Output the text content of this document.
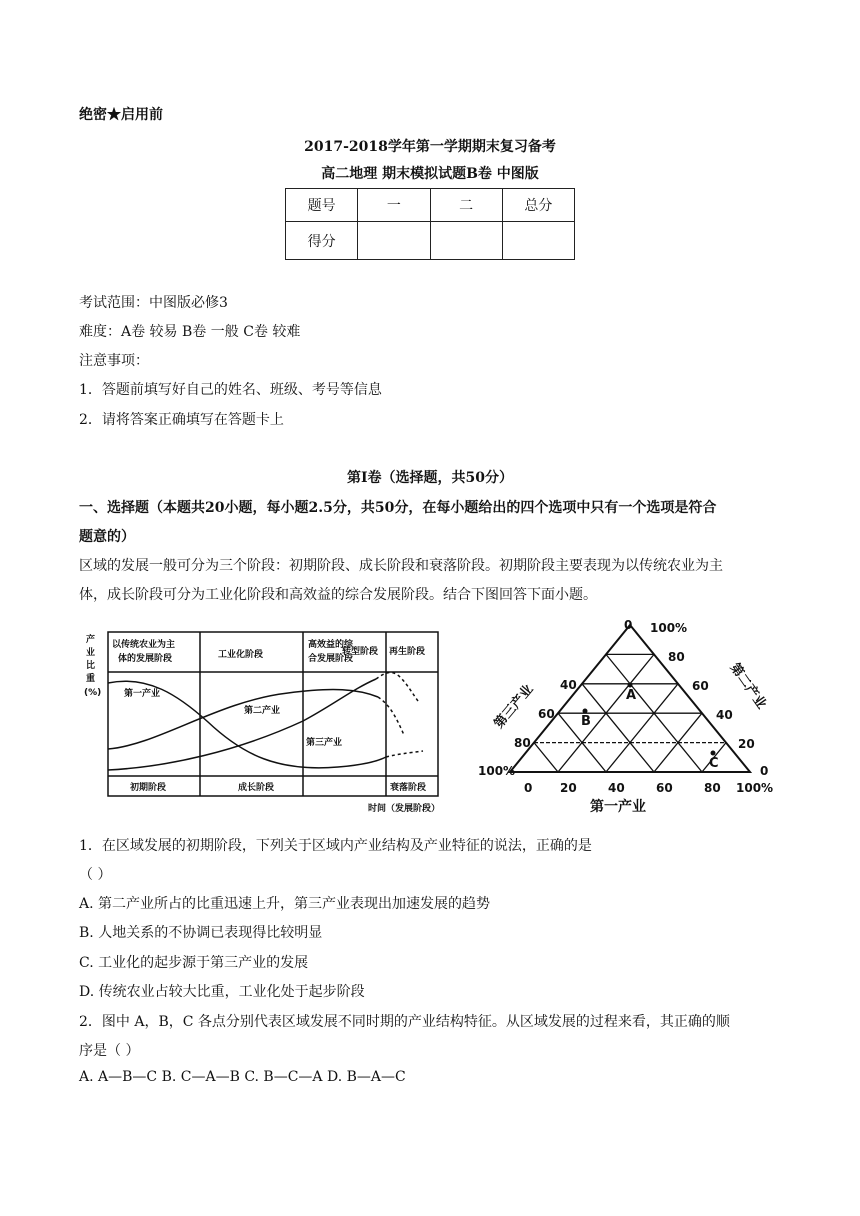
绝密★启用前
2017-2018学年第一学期期末复习备考
高二地理 期末模拟试题B卷 中图版
题号	一	二	总分
得分			
考试范围：中图版必修3
难度：A卷 较易 B卷 一般 C卷 较难
注意事项：
1．答题前填写好自己的姓名、班级、考号等信息
2．请将答案正确填写在答题卡上
第Ⅰ卷（选择题，共50分）
一、选择题（本题共20小题，每小题2.5分，共50分，在每小题给出的四个选项中只有一个选项是符合
题意的）
区域的发展一般可分为三个阶段：初期阶段、成长阶段和衰落阶段。初期阶段主要表现为以传统农业为主
体，成长阶段可分为工业化阶段和高效益的综合发展阶段。结合下图回答下面小题。
产
业
比
重
(%)
以传统农业为主
体的发展阶段	工业化阶段
高效益的综
合发展阶段
转型阶段 再生阶段
第一产业
第二产业
第三产业
初期阶段	成长阶段	衰落阶段
时间（发展阶段）
0 100%
40
60
80
100%
80
60
40
20
0
0 20	40	60	80 100%
第一产业
第三产业	第二产业
A
B
C
1．在区域发展的初期阶段，下列关于区域内产业结构及产业特征的说法，正确的是
（ ）
A. 第二产业所占的比重迅速上升，第三产业表现出加速发展的趋势
B. 人地关系的不协调已表现得比较明显
C. 工业化的起步源于第三产业的发展
D. 传统农业占较大比重，工业化处于起步阶段
2．图中 A，B，C 各点分别代表区域发展不同时期的产业结构特征。从区域发展的过程来看，其正确的顺
序是（ ）
A. A—B—C B. C—A—B C. B—C—A D. B—A—C
